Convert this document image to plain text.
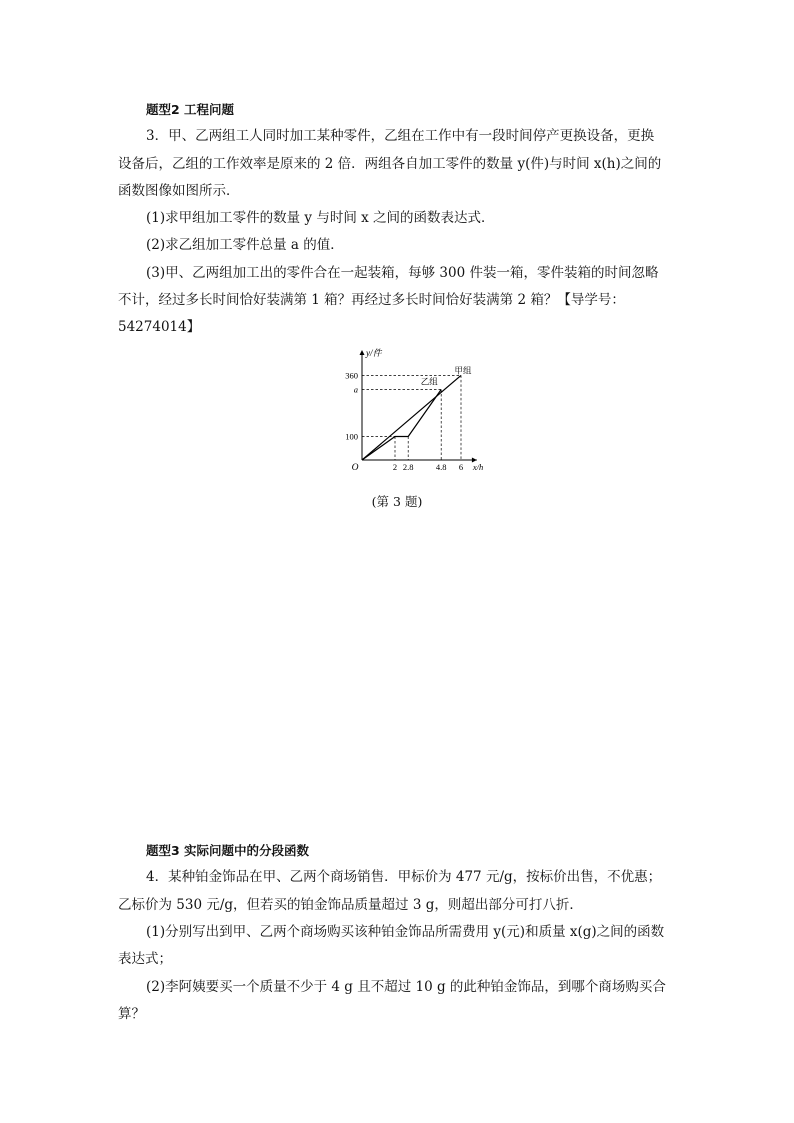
题型2 工程问题
3．甲、乙两组工人同时加工某种零件，乙组在工作中有一段时间停产更换设备，更换
设备后，乙组的工作效率是原来的 2 倍．两组各自加工零件的数量 y(件)与时间 x(h)之间的
函数图像如图所示．
(1)求甲组加工零件的数量 y 与时间 x 之间的函数表达式．
(2)求乙组加工零件总量 a 的值．
(3)甲、乙两组加工出的零件合在一起装箱，每够 300 件装一箱，零件装箱的时间忽略
不计，经过多长时间恰好装满第 1 箱？再经过多长时间恰好装满第 2 箱？【导学号：
54274014】
y/件
x/h
O
100
a
360
2 2.8	4.8 6
甲组
乙组
(第 3 题)
题型3 实际问题中的分段函数
4．某种铂金饰品在甲、乙两个商场销售．甲标价为 477 元/g，按标价出售，不优惠；
乙标价为 530 元/g，但若买的铂金饰品质量超过 3 g，则超出部分可打八折．
(1)分别写出到甲、乙两个商场购买该种铂金饰品所需费用 y(元)和质量 x(g)之间的函数
表达式；
(2)李阿姨要买一个质量不少于 4 g 且不超过 10 g 的此种铂金饰品，到哪个商场购买合
算？
